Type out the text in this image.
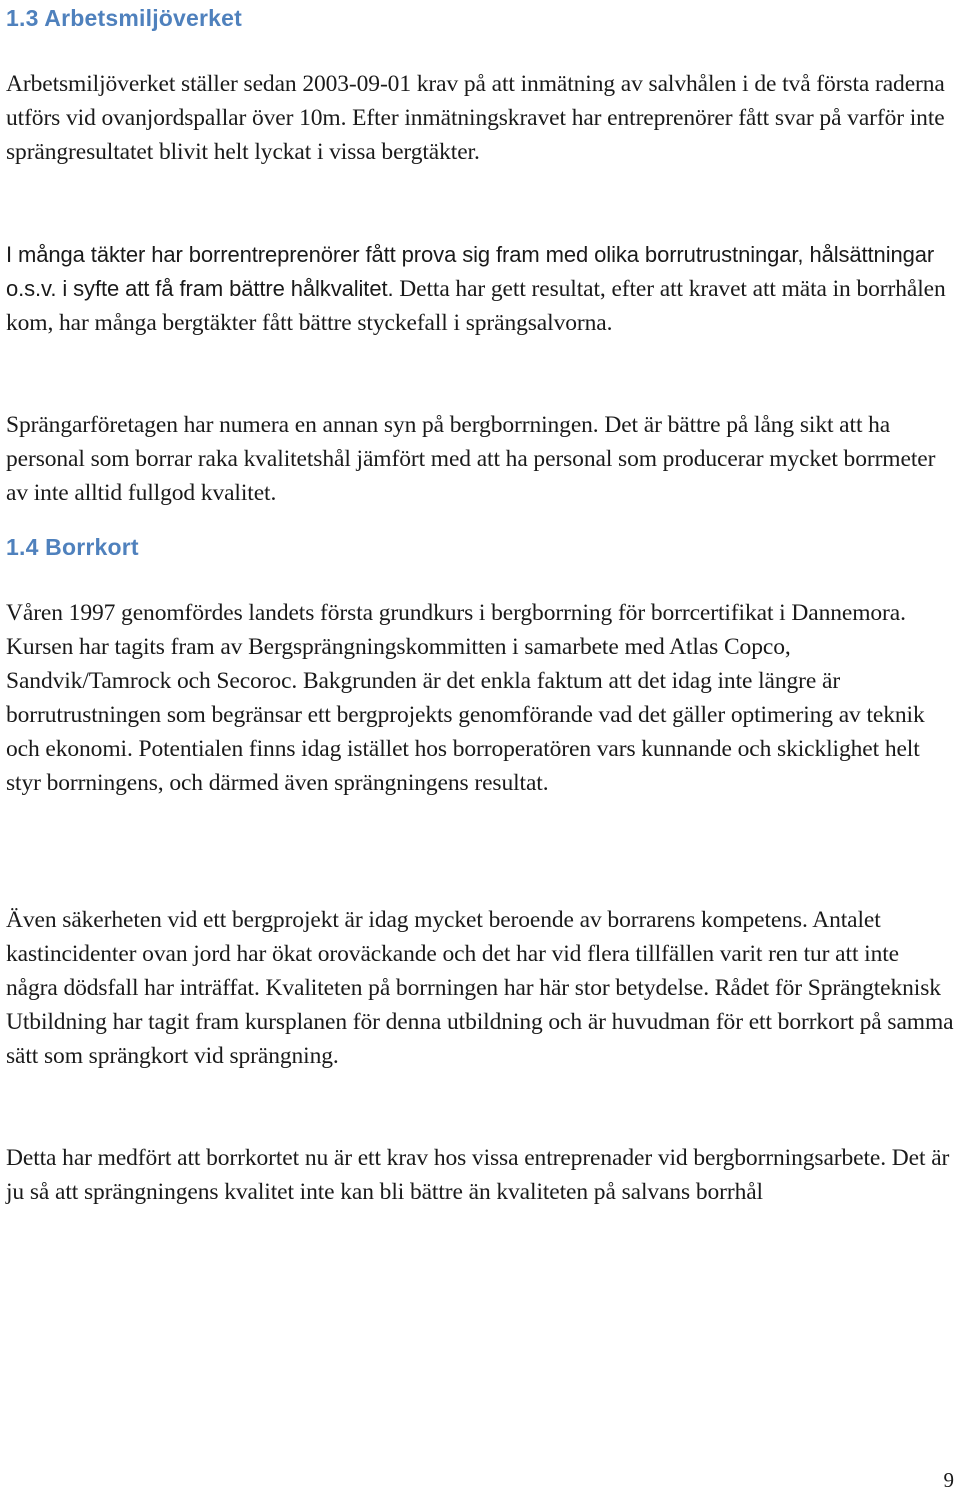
1.3 Arbetsmiljöverket

Arbetsmiljöverket ställer sedan 2003-09-01 krav på att inmätning av salvhålen i de två första raderna utförs vid ovanjordspallar över 10m. Efter inmätningskravet har entreprenörer fått svar på varför inte sprängresultatet blivit helt lyckat i vissa bergtäkter.

I många täkter har borrentreprenörer fått prova sig fram med olika borrutrustningar, hålsättningar o.s.v. i syfte att få fram bättre hålkvalitet. Detta har gett resultat, efter att kravet att mäta in borrhålen kom, har många bergtäkter fått bättre styckefall i sprängsalvorna.

Sprängarföretagen har numera en annan syn på bergborrningen. Det är bättre på lång sikt att ha personal som borrar raka kvalitetshål jämfört med att ha personal som producerar mycket borrmeter av inte alltid fullgod kvalitet.

1.4 Borrkort

Våren 1997 genomfördes landets första grundkurs i bergborrning för borrcertifikat i Dannemora. Kursen har tagits fram av Bergsprängningskommitten i samarbete med Atlas Copco, Sandvik/Tamrock och Secoroc. Bakgrunden är det enkla faktum att det idag inte längre är borrutrustningen som begränsar ett bergprojekts genomförande vad det gäller optimering av teknik och ekonomi. Potentialen finns idag istället hos borroperatören vars kunnande och skicklighet helt styr borrningens, och därmed även sprängningens resultat.

Även säkerheten vid ett bergprojekt är idag mycket beroende av borrarens kompetens. Antalet kastincidenter ovan jord har ökat oroväckande och det har vid flera tillfällen varit ren tur att inte några dödsfall har inträffat. Kvaliteten på borrningen har här stor betydelse. Rådet för Sprängteknisk Utbildning har tagit fram kursplanen för denna utbildning och är huvudman för ett borrkort på samma sätt som sprängkort vid sprängning.

Detta har medfört att borrkortet nu är ett krav hos vissa entreprenader vid bergborrningsarbete. Det är ju så att sprängningens kvalitet inte kan bli bättre än kvaliteten på salvans borrhål

9
